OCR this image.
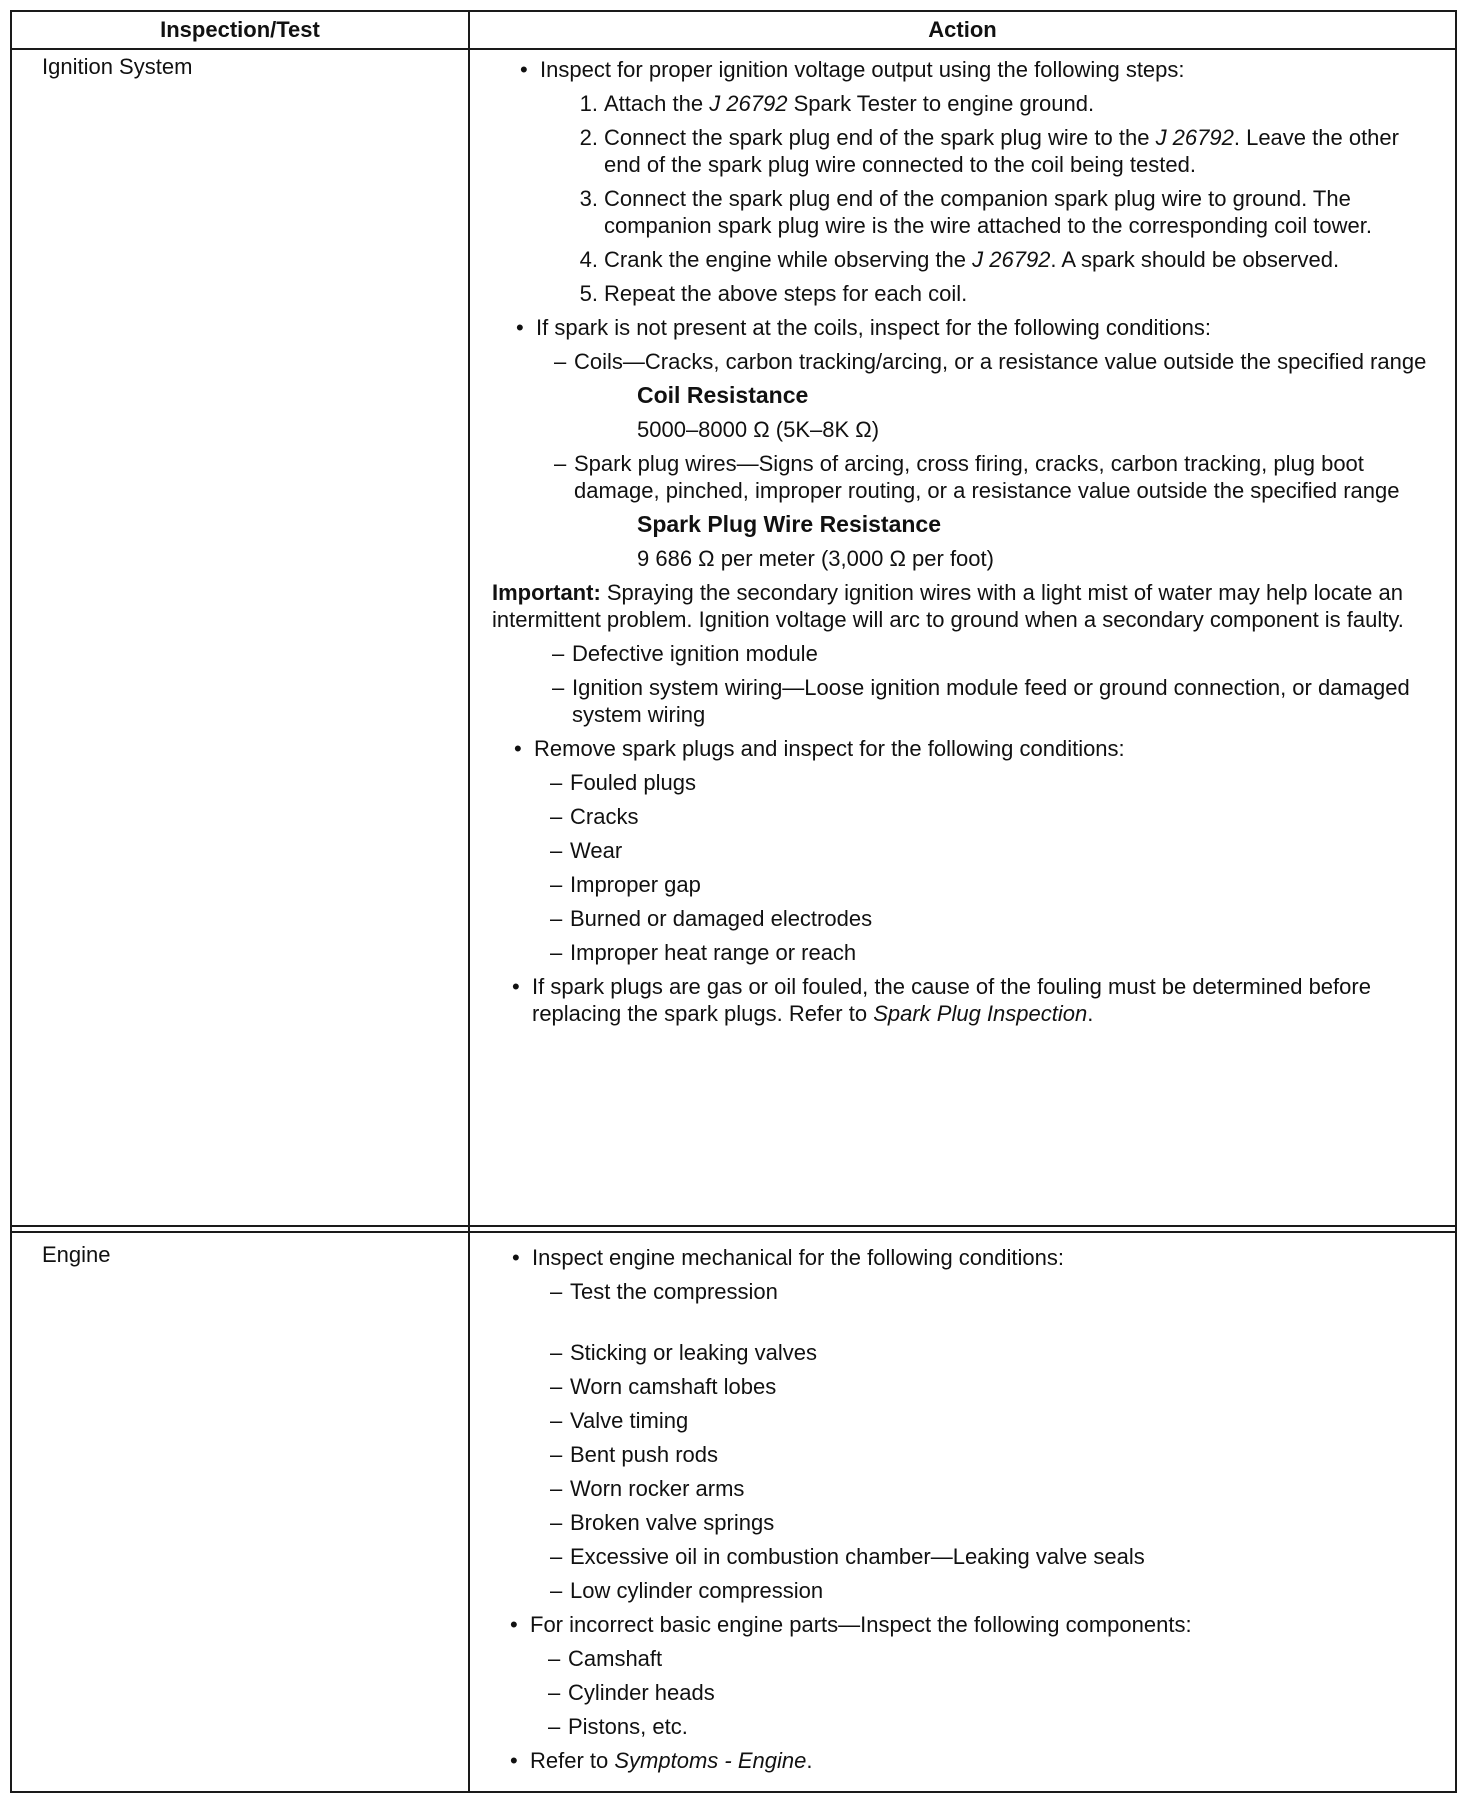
Inspection/Test	Action
Ignition System	• Inspect for proper ignition voltage output using the following steps:

1. Attach the J 26792 Spark Tester to engine ground.

2. Connect the spark plug end of the spark plug wire to the J 26792. Leave the other end of the spark plug wire connected to the coil being tested.

3. Connect the spark plug end of the companion spark plug wire to ground. The companion spark plug wire is the wire attached to the corresponding coil tower.

4. Crank the engine while observing the J 26792. A spark should be observed.

5. Repeat the above steps for each coil.

• If spark is not present at the coils, inspect for the following conditions:

– Coils—Cracks, carbon tracking/arcing, or a resistance value outside the specified range

Coil Resistance

5000–8000 Ω (5K–8K Ω)

– Spark plug wires—Signs of arcing, cross firing, cracks, carbon tracking, plug boot damage, pinched, improper routing, or a resistance value outside the specified range

Spark Plug Wire Resistance

9 686 Ω per meter (3,000 Ω per foot)

Important: Spraying the secondary ignition wires with a light mist of water may help locate an intermittent problem. Ignition voltage will arc to ground when a secondary component is faulty.

– Defective ignition module

– Ignition system wiring—Loose ignition module feed or ground connection, or damaged system wiring

• Remove spark plugs and inspect for the following conditions:

– Fouled plugs

– Cracks

– Wear

– Improper gap

– Burned or damaged electrodes

– Improper heat range or reach

• If spark plugs are gas or oil fouled, the cause of the fouling must be determined before replacing the spark plugs. Refer to Spark Plug Inspection.

Engine	• Inspect engine mechanical for the following conditions:

– Test the compression

– Sticking or leaking valves

– Worn camshaft lobes

– Valve timing

– Bent push rods

– Worn rocker arms

– Broken valve springs

– Excessive oil in combustion chamber—Leaking valve seals

– Low cylinder compression

• For incorrect basic engine parts—Inspect the following components:

– Camshaft

– Cylinder heads

– Pistons, etc.

• Refer to Symptoms - Engine.
